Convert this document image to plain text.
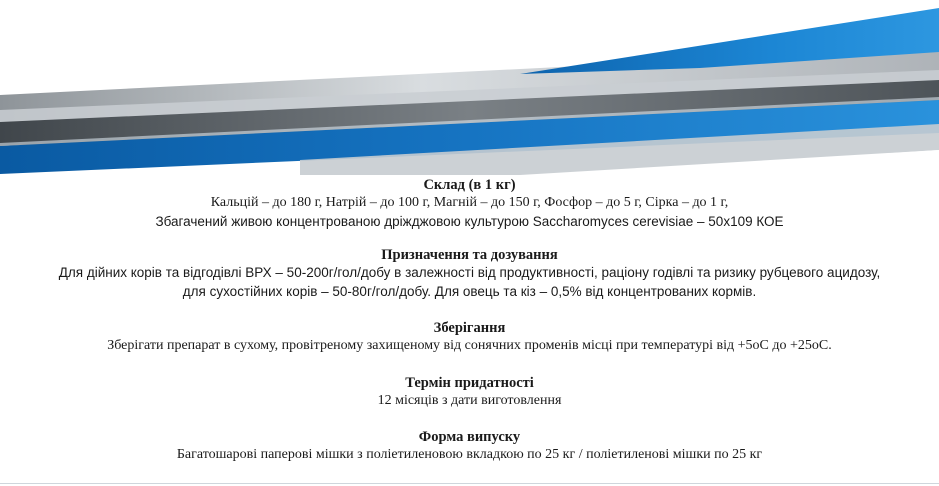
Склад (в 1 кг)

Кальцій – до 180 г, Натрій – до 100 г, Магній – до 150 г, Фосфор – до 5 г, Сірка – до 1 г,

Збагачений живою концентрованою дріжджовою культурою Saccharomyces cerevisiae – 50х109 КОЕ

Призначення та дозування

Для дійних корів та відгодівлі ВРХ – 50-200г/гол/добу в залежності від продуктивності, раціону годівлі та ризику рубцевого ацидозу,

для сухостійних корів – 50-80г/гол/добу. Для овець та кіз – 0,5% від концентрованих кормів.

Зберігання

Зберігати препарат в сухому, провітреному захищеному від сонячних променів місці при температурі від +5оС до +25оС.

Термін придатності

12 місяців з дати виготовлення

Форма випуску

Багатошарові паперові мішки з поліетиленовою вкладкою по 25 кг / поліетиленові мішки по 25 кг
